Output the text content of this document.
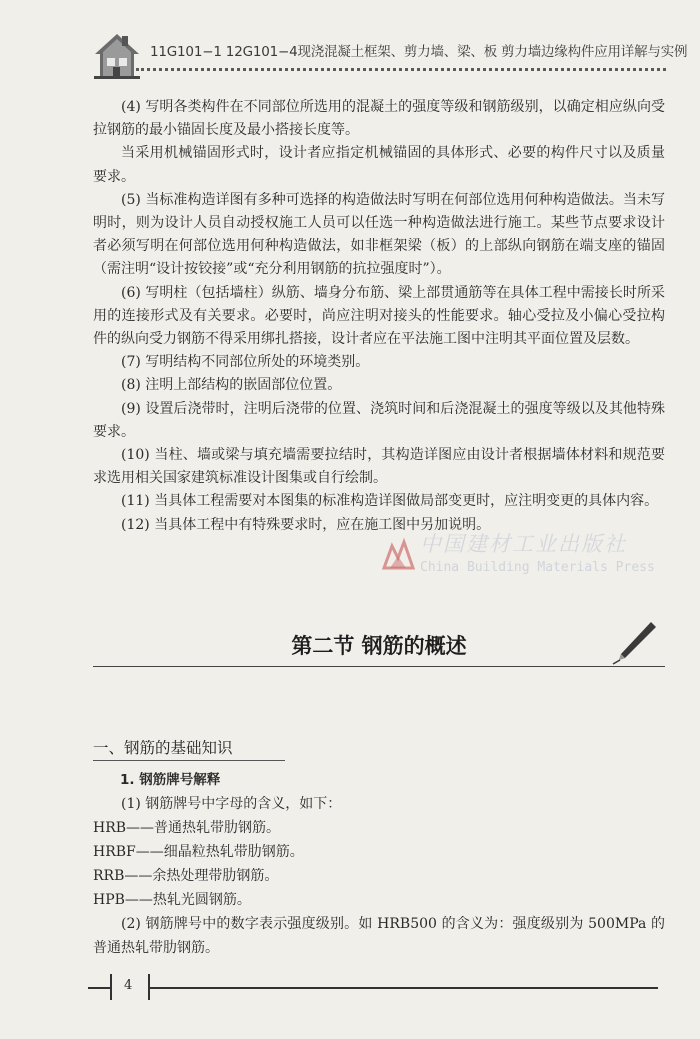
11G101−1 12G101−4现浇混凝土框架、剪力墙、梁、板 剪力墙边缘构件应用详解与实例

(4) 写明各类构件在不同部位所选用的混凝土的强度等级和钢筋级别，以确定相应纵向受拉钢筋的最小锚固长度及最小搭接长度等。

当采用机械锚固形式时，设计者应指定机械锚固的具体形式、必要的构件尺寸以及质量要求。

(5) 当标准构造详图有多种可选择的构造做法时写明在何部位选用何种构造做法。当未写明时，则为设计人员自动授权施工人员可以任选一种构造做法进行施工。某些节点要求设计者必须写明在何部位选用何种构造做法，如非框架梁（板）的上部纵向钢筋在端支座的锚固（需注明“设计按铰接”或“充分利用钢筋的抗拉强度时”）。

(6) 写明柱（包括墙柱）纵筋、墙身分布筋、梁上部贯通筋等在具体工程中需接长时所采用的连接形式及有关要求。必要时，尚应注明对接头的性能要求。轴心受拉及小偏心受拉构件的纵向受力钢筋不得采用绑扎搭接，设计者应在平法施工图中注明其平面位置及层数。

(7) 写明结构不同部位所处的环境类别。

(8) 注明上部结构的嵌固部位位置。

(9) 设置后浇带时，注明后浇带的位置、浇筑时间和后浇混凝土的强度等级以及其他特殊要求。

(10) 当柱、墙或梁与填充墙需要拉结时，其构造详图应由设计者根据墙体材料和规范要求选用相关国家建筑标准设计图集或自行绘制。

(11) 当具体工程需要对本图集的标准构造详图做局部变更时，应注明变更的具体内容。

(12) 当具体工程中有特殊要求时，应在施工图中另加说明。

中国建材工业出版社
China Building Materials Press
第二节 钢筋的概述
一、钢筋的基础知识

1. 钢筋牌号解释

(1) 钢筋牌号中字母的含义，如下：

HRB——普通热轧带肋钢筋。

HRBF——细晶粒热轧带肋钢筋。

RRB——余热处理带肋钢筋。

HPB——热轧光圆钢筋。

(2) 钢筋牌号中的数字表示强度级别。如 HRB500 的含义为：强度级别为 500MPa 的普通热轧带肋钢筋。

4
